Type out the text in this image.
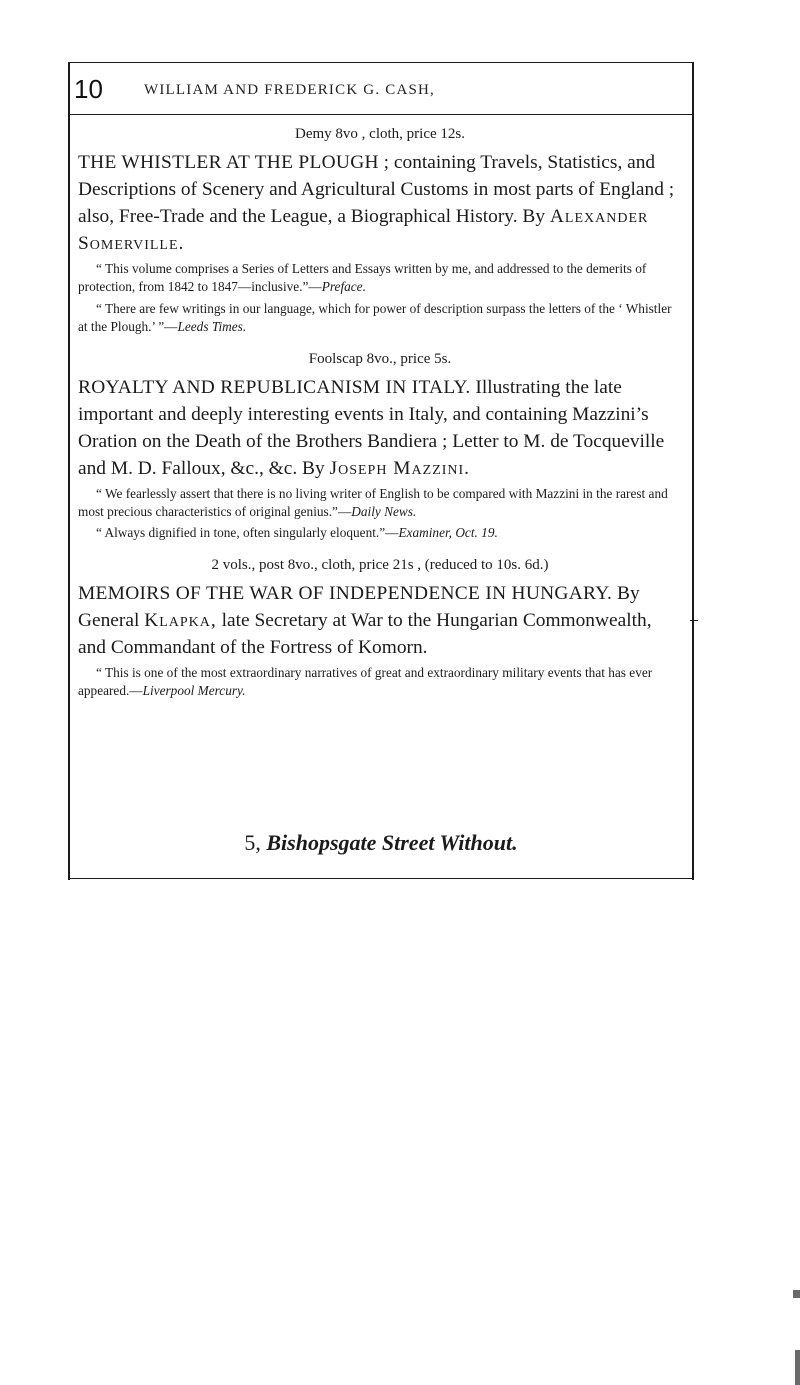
10	WILLIAM AND FREDERICK G. CASH,

Demy 8vo , cloth, price 12s.

THE WHISTLER AT THE PLOUGH ; containing Travels, Statistics, and Descriptions of Scenery and Agricultural Customs in most parts of England ; also, Free-Trade and the League, a Biographical History. By Alexander Somerville.

“ This volume comprises a Series of Letters and Essays written by me, and addressed to the demerits of protection, from 1842 to 1847—inclusive.”—Preface.

“ There are few writings in our language, which for power of description surpass the letters of the ‘ Whistler at the Plough.’ ”—Leeds Times.

Foolscap 8vo., price 5s.

ROYALTY AND REPUBLICANISM IN ITALY. Illustrating the late important and deeply interesting events in Italy, and containing Mazzini’s Oration on the Death of the Brothers Bandiera ; Letter to M. de Tocqueville and M. D. Falloux, &c., &c. By Joseph Mazzini.

“ We fearlessly assert that there is no living writer of English to be compared with Mazzini in the rarest and most precious characteristics of original genius.”—Daily News.

“ Always dignified in tone, often singularly eloquent.”—Examiner, Oct. 19.

2 vols., post 8vo., cloth, price 21s , (reduced to 10s. 6d.)

MEMOIRS OF THE WAR OF INDEPENDENCE IN HUNGARY. By General Klapka, late Secretary at War to the Hungarian Commonwealth, and Commandant of the Fortress of Komorn.

“ This is one of the most extraordinary narratives of great and extraordinary military events that has ever appeared.—Liverpool Mercury.

5, Bishopsgate Street Without.
